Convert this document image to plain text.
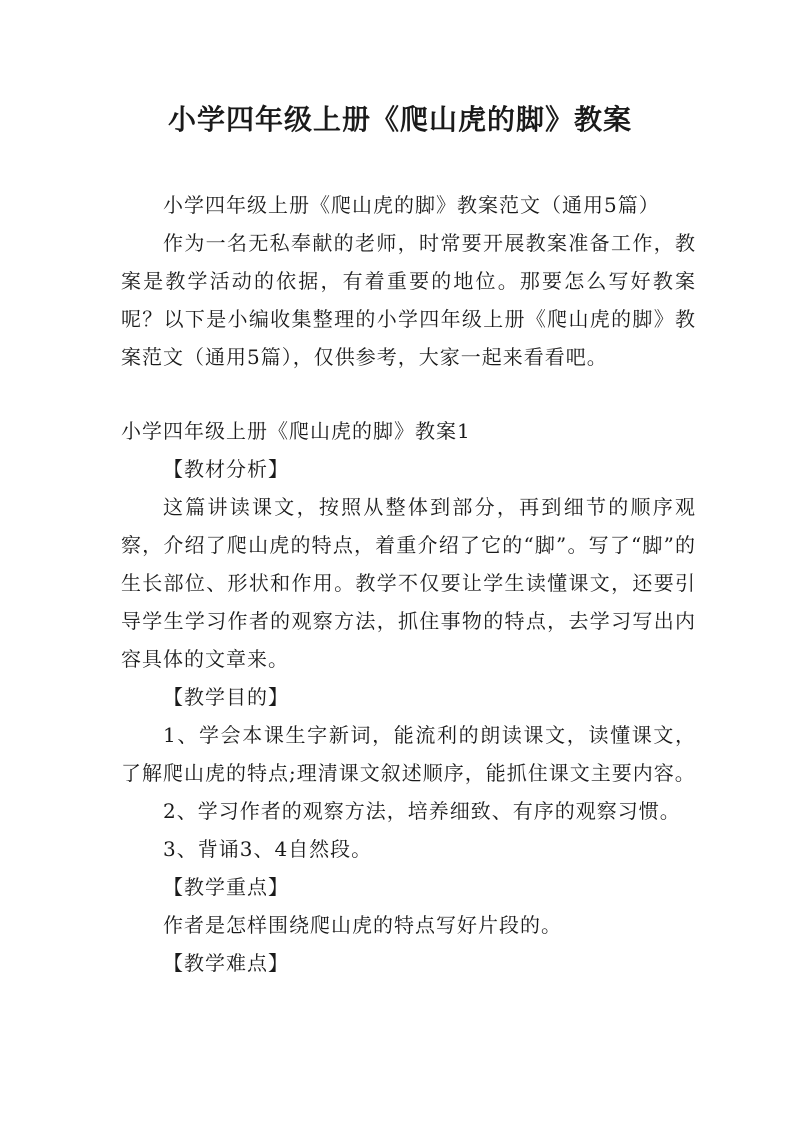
小学四年级上册《爬山虎的脚》教案

小学四年级上册《爬山虎的脚》教案范文（通用5篇）

作为一名无私奉献的老师，时常要开展教案准备工作，教案是教学活动的依据，有着重要的地位。那要怎么写好教案呢？以下是小编收集整理的小学四年级上册《爬山虎的脚》教案范文（通用5篇），仅供参考，大家一起来看看吧。

小学四年级上册《爬山虎的脚》教案1

【教材分析】

这篇讲读课文，按照从整体到部分，再到细节的顺序观察，介绍了爬山虎的特点，着重介绍了它的“脚”。写了“脚”的生长部位、形状和作用。教学不仅要让学生读懂课文，还要引导学生学习作者的观察方法，抓住事物的特点，去学习写出内容具体的文章来。

【教学目的】

1、学会本课生字新词，能流利的朗读课文，读懂课文，了解爬山虎的特点;理清课文叙述顺序，能抓住课文主要内容。

2、学习作者的观察方法，培养细致、有序的观察习惯。

3、背诵3、4自然段。

【教学重点】

作者是怎样围绕爬山虎的特点写好片段的。

【教学难点】
